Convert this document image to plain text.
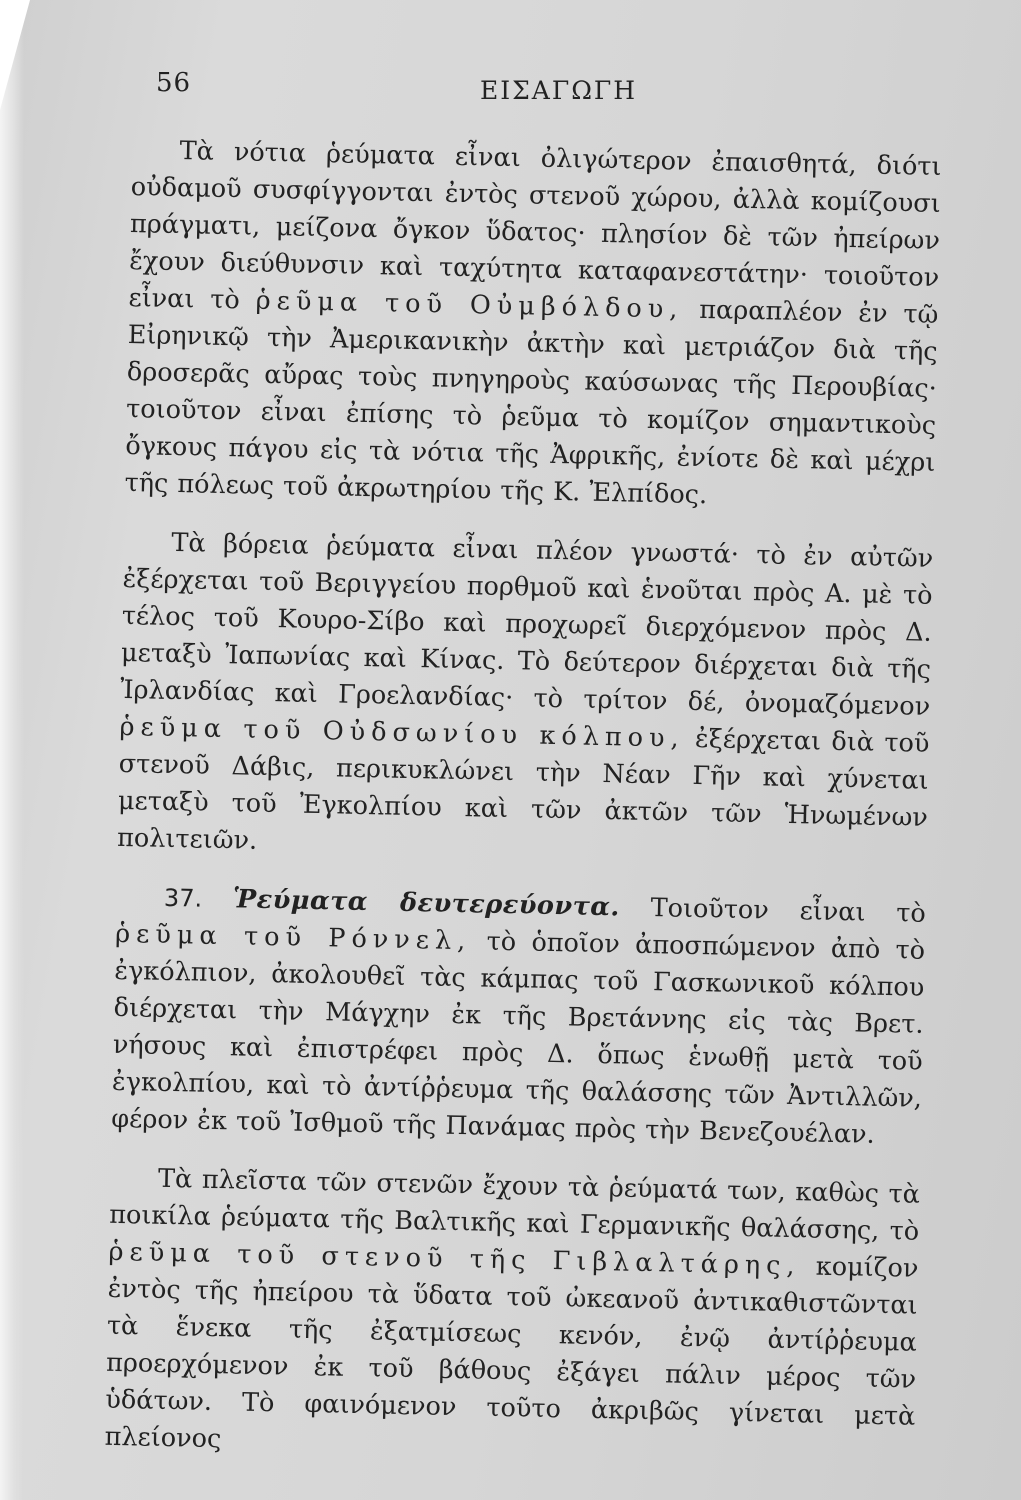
56	ΕΙΣΑΓΩΓΗ

Τὰ νότια ῥεύματα εἶναι ὀλιγώτερον ἐπαισθητά, διότι οὐδαμοῦ συσφίγγονται ἐντὸς στενοῦ χώρου, ἀλλὰ κομίζουσι πράγματι, μείζονα ὄγκον ὕδατος· πλησίον δὲ τῶν ἠπείρων ἔχουν διεύθυνσιν καὶ ταχύτητα καταφανεστάτην· τοιοῦτον εἶναι τὸ ῥεῦμα τοῦ Οὐμβόλδου, παραπλέον ἐν τῷ Εἰρηνικῷ τὴν Ἀμερικανικὴν ἀκτὴν καὶ μετριάζον διὰ τῆς δροσερᾶς αὔρας τοὺς πνηγηροὺς καύσωνας τῆς Περουβίας· τοιοῦτον εἶναι ἐπίσης τὸ ῥεῦμα τὸ κομίζον σημαντικοὺς ὄγκους πάγου εἰς τὰ νότια τῆς Ἀφρικῆς, ἐνίοτε δὲ καὶ μέχρι τῆς πόλεως τοῦ ἀκρωτηρίου τῆς Κ. Ἐλπίδος.

Τὰ βόρεια ῥεύματα εἶναι πλέον γνωστά· τὸ ἐν αὐτῶν ἐξέρχεται τοῦ Βεριγγείου πορθμοῦ καὶ ἑνοῦται πρὸς Α. μὲ τὸ τέλος τοῦ Κουρο-Σίβο καὶ προχωρεῖ διερχόμενον πρὸς Δ. μεταξὺ Ἰαπωνίας καὶ Κίνας. Τὸ δεύτερον διέρχεται διὰ τῆς Ἰρλανδίας καὶ Γροελανδίας· τὸ τρίτον δέ, ὀνομαζόμενον ῥεῦμα τοῦ Οὐδσωνίου κόλπου, ἐξέρχεται διὰ τοῦ στενοῦ Δάβις, περικυκλώνει τὴν Νέαν Γῆν καὶ χύνεται μεταξὺ τοῦ Ἐγκολπίου καὶ τῶν ἀκτῶν τῶν Ἡνωμένων πολιτειῶν.

37. Ῥεύματα δευτερεύοντα. Τοιοῦτον εἶναι τὸ ῥεῦμα τοῦ Ρόννελ, τὸ ὁποῖον ἀποσπώμενον ἀπὸ τὸ ἐγκόλπιον, ἀκολουθεῖ τὰς κάμπας τοῦ Γασκωνικοῦ κόλπου διέρχεται τὴν Μάγχην ἐκ τῆς Βρετάννης εἰς τὰς Βρετ. νήσους καὶ ἐπιστρέφει πρὸς Δ. ὅπως ἑνωθῇ μετὰ τοῦ ἐγκολπίου, καὶ τὸ ἀντίῤῥευμα τῆς θαλάσσης τῶν Ἀντιλλῶν, φέρον ἐκ τοῦ Ἰσθμοῦ τῆς Πανάμας πρὸς τὴν Βενεζουέλαν.

Τὰ πλεῖστα τῶν στενῶν ἔχουν τὰ ῥεύματά των, καθὼς τὰ ποικίλα ῥεύματα τῆς Βαλτικῆς καὶ Γερμανικῆς θαλάσσης, τὸ ῥεῦμα τοῦ στενοῦ τῆς Γιβλαλτάρης, κομίζον ἐντὸς τῆς ἠπείρου τὰ ὕδατα τοῦ ὠκεανοῦ ἀντικαθιστῶνται τὰ ἕνεκα τῆς ἐξατμίσεως κενόν, ἐνῷ ἀντίῤῥευμα προερχόμενον ἐκ τοῦ βάθους ἐξάγει πάλιν μέρος τῶν ὑδάτων. Τὸ φαινόμενον τοῦτο ἀκριβῶς γίνεται μετὰ πλείονος
